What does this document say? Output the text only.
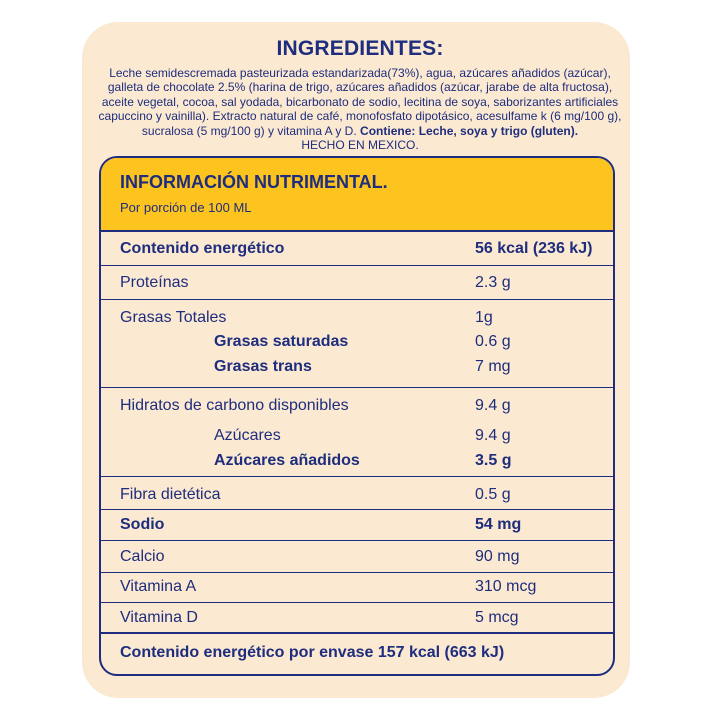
INGREDIENTES:
Leche semidescremada pasteurizada estandarizada(73%), agua, azúcares añadidos (azúcar), galleta de chocolate 2.5% (harina de trigo, azúcares añadidos (azúcar, jarabe de alta fructosa), aceite vegetal, cocoa, sal yodada, bicarbonato de sodio, lecitina de soya, saborizantes artificiales capuccino y vainilla). Extracto natural de café, monofosfato dipotásico, acesulfame k (6 mg/100 g), sucralosa (5 mg/100 g) y vitamina A y D. Contiene: Leche, soya y trigo (gluten).
HECHO EN MEXICO.
INFORMACIÓN NUTRIMENTAL.
Por porción de 100 ML
Contenido energético	56 kcal (236 kJ)
Proteínas	2.3 g
Grasas Totales	1g
Grasas saturadas	0.6 g
Grasas trans	7 mg
Hidratos de carbono disponibles	9.4 g
Azúcares	9.4 g
Azúcares añadidos	3.5 g
Fibra dietética	0.5 g
Sodio	54 mg
Calcio	90 mg
Vitamina A	310 mcg
Vitamina D	5 mcg
Contenido energético por envase 157 kcal (663 kJ)
